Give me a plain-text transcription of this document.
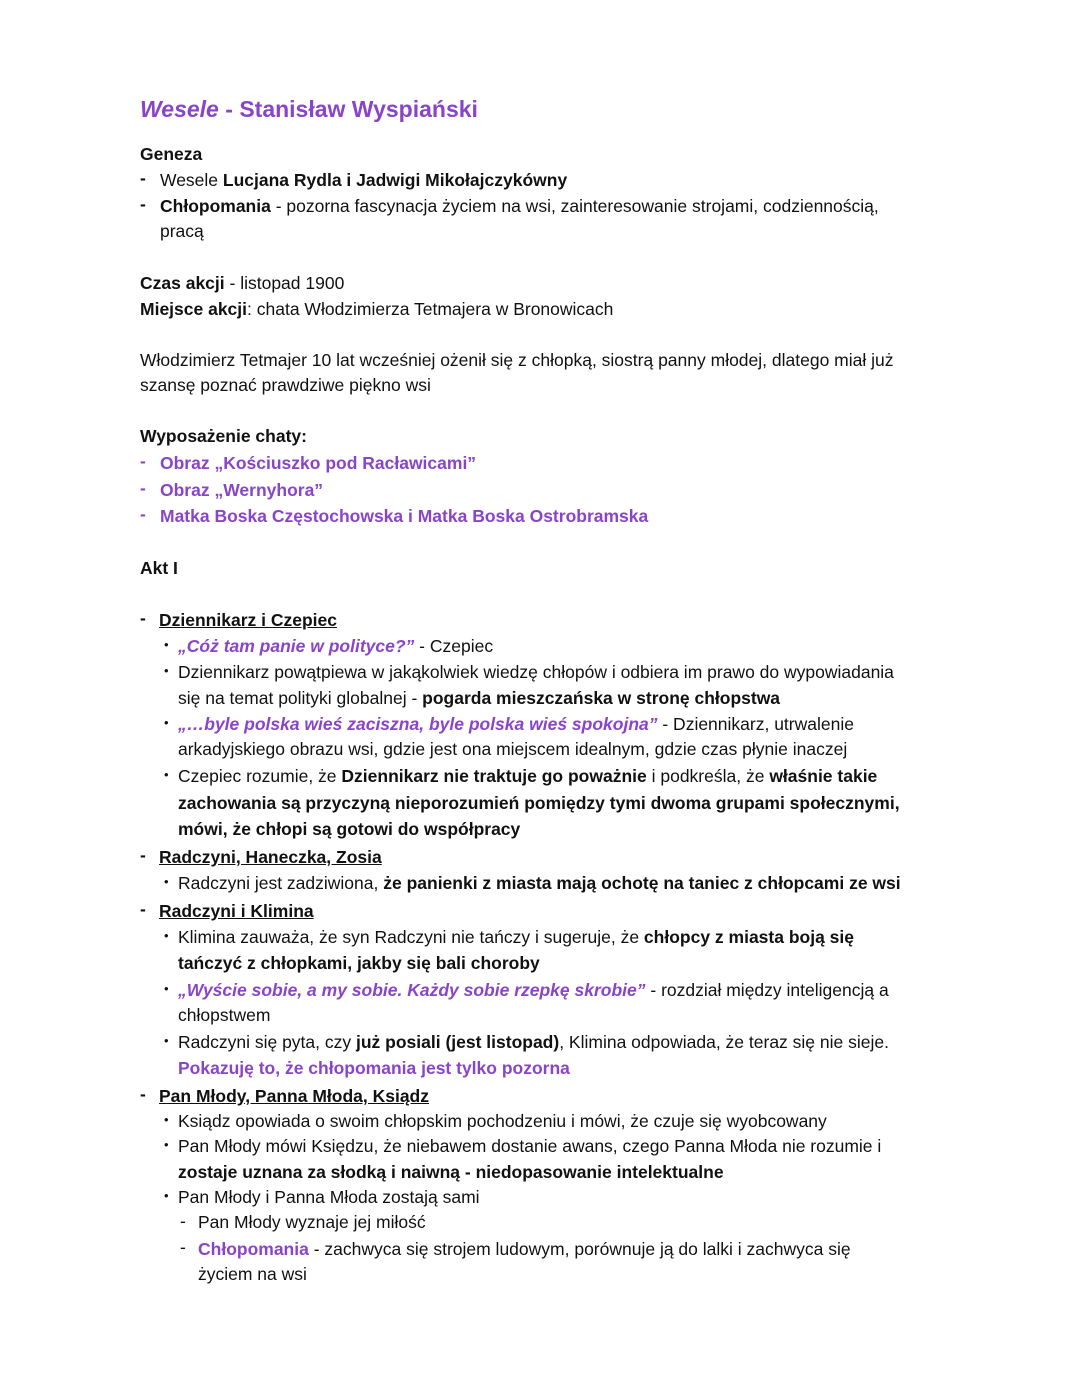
Wesele - Stanisław Wyspiański
Geneza
- Wesele Lucjana Rydla i Jadwigi Mikołajczykówny
- Chłopomania - pozorna fascynacja życiem na wsi, zainteresowanie strojami, codziennością,
pracą
Czas akcji - listopad 1900
Miejsce akcji: chata Włodzimierza Tetmajera w Bronowicach
Włodzimierz Tetmajer 10 lat wcześniej ożenił się z chłopką, siostrą panny młodej, dlatego miał już
szansę poznać prawdziwe piękno wsi
Wyposażenie chaty:
- Obraz „Kościuszko pod Racławicami”
- Obraz „Wernyhora”
- Matka Boska Częstochowska i Matka Boska Ostrobramska
Akt I
- Dziennikarz i Czepiec
• „Cóż tam panie w polityce?” - Czepiec
• Dziennikarz powątpiewa w jakąkolwiek wiedzę chłopów i odbiera im prawo do wypowiadania
się na temat polityki globalnej - pogarda mieszczańska w stronę chłopstwa
• „…byle polska wieś zaciszna, byle polska wieś spokojna” - Dziennikarz, utrwalenie
arkadyjskiego obrazu wsi, gdzie jest ona miejscem idealnym, gdzie czas płynie inaczej
• Czepiec rozumie, że Dziennikarz nie traktuje go poważnie i podkreśla, że właśnie takie
zachowania są przyczyną nieporozumień pomiędzy tymi dwoma grupami społecznymi,
mówi, że chłopi są gotowi do współpracy
- Radczyni, Haneczka, Zosia
• Radczyni jest zadziwiona, że panienki z miasta mają ochotę na taniec z chłopcami ze wsi
- Radczyni i Klimina
• Klimina zauważa, że syn Radczyni nie tańczy i sugeruje, że chłopcy z miasta boją się
tańczyć z chłopkami, jakby się bali choroby
• „Wyście sobie, a my sobie. Każdy sobie rzepkę skrobie” - rozdział między inteligencją a
chłopstwem
• Radczyni się pyta, czy już posiali (jest listopad), Klimina odpowiada, że teraz się nie sieje.
Pokazuję to, że chłopomania jest tylko pozorna
- Pan Młody, Panna Młoda, Ksiądz
• Ksiądz opowiada o swoim chłopskim pochodzeniu i mówi, że czuje się wyobcowany
• Pan Młody mówi Księdzu, że niebawem dostanie awans, czego Panna Młoda nie rozumie i
zostaje uznana za słodką i naiwną - niedopasowanie intelektualne
• Pan Młody i Panna Młoda zostają sami
- Pan Młody wyznaje jej miłość
- Chłopomania - zachwyca się strojem ludowym, porównuje ją do lalki i zachwyca się
życiem na wsi
